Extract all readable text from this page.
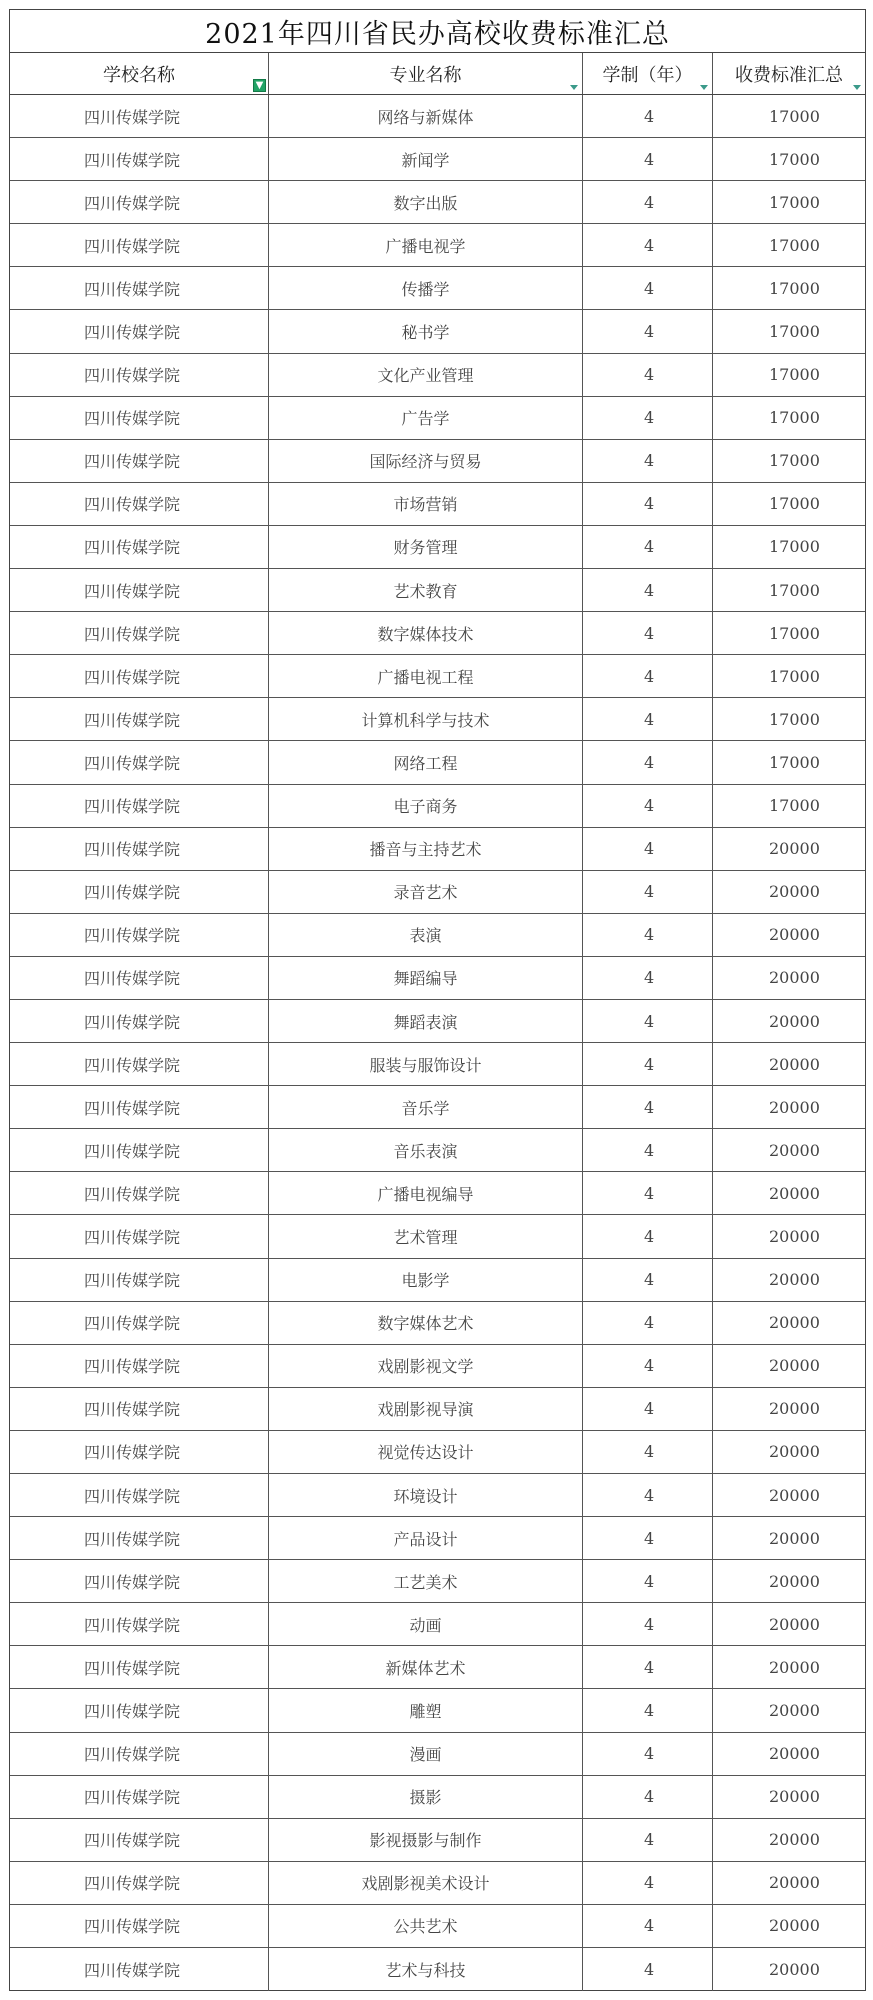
2021年四川省民办高校收费标准汇总
学校名称	▼	专业名称	学制（年） 收费标准汇总
四川传媒学院	网络与新媒体	4	17000
四川传媒学院	新闻学	4	17000
四川传媒学院	数字出版	4	17000
四川传媒学院	广播电视学	4	17000
四川传媒学院	传播学	4	17000
四川传媒学院	秘书学	4	17000
四川传媒学院	文化产业管理	4	17000
四川传媒学院	广告学	4	17000
四川传媒学院	国际经济与贸易	4	17000
四川传媒学院	市场营销	4	17000
四川传媒学院	财务管理	4	17000
四川传媒学院	艺术教育	4	17000
四川传媒学院	数字媒体技术	4	17000
四川传媒学院	广播电视工程	4	17000
四川传媒学院	计算机科学与技术	4	17000
四川传媒学院	网络工程	4	17000
四川传媒学院	电子商务	4	17000
四川传媒学院	播音与主持艺术	4	20000
四川传媒学院	录音艺术	4	20000
四川传媒学院	表演	4	20000
四川传媒学院	舞蹈编导	4	20000
四川传媒学院	舞蹈表演	4	20000
四川传媒学院	服装与服饰设计	4	20000
四川传媒学院	音乐学	4	20000
四川传媒学院	音乐表演	4	20000
四川传媒学院	广播电视编导	4	20000
四川传媒学院	艺术管理	4	20000
四川传媒学院	电影学	4	20000
四川传媒学院	数字媒体艺术	4	20000
四川传媒学院	戏剧影视文学	4	20000
四川传媒学院	戏剧影视导演	4	20000
四川传媒学院	视觉传达设计	4	20000
四川传媒学院	环境设计	4	20000
四川传媒学院	产品设计	4	20000
四川传媒学院	工艺美术	4	20000
四川传媒学院	动画	4	20000
四川传媒学院	新媒体艺术	4	20000
四川传媒学院	雕塑	4	20000
四川传媒学院	漫画	4	20000
四川传媒学院	摄影	4	20000
四川传媒学院	影视摄影与制作	4	20000
四川传媒学院	戏剧影视美术设计	4	20000
四川传媒学院	公共艺术	4	20000
四川传媒学院	艺术与科技	4	20000
